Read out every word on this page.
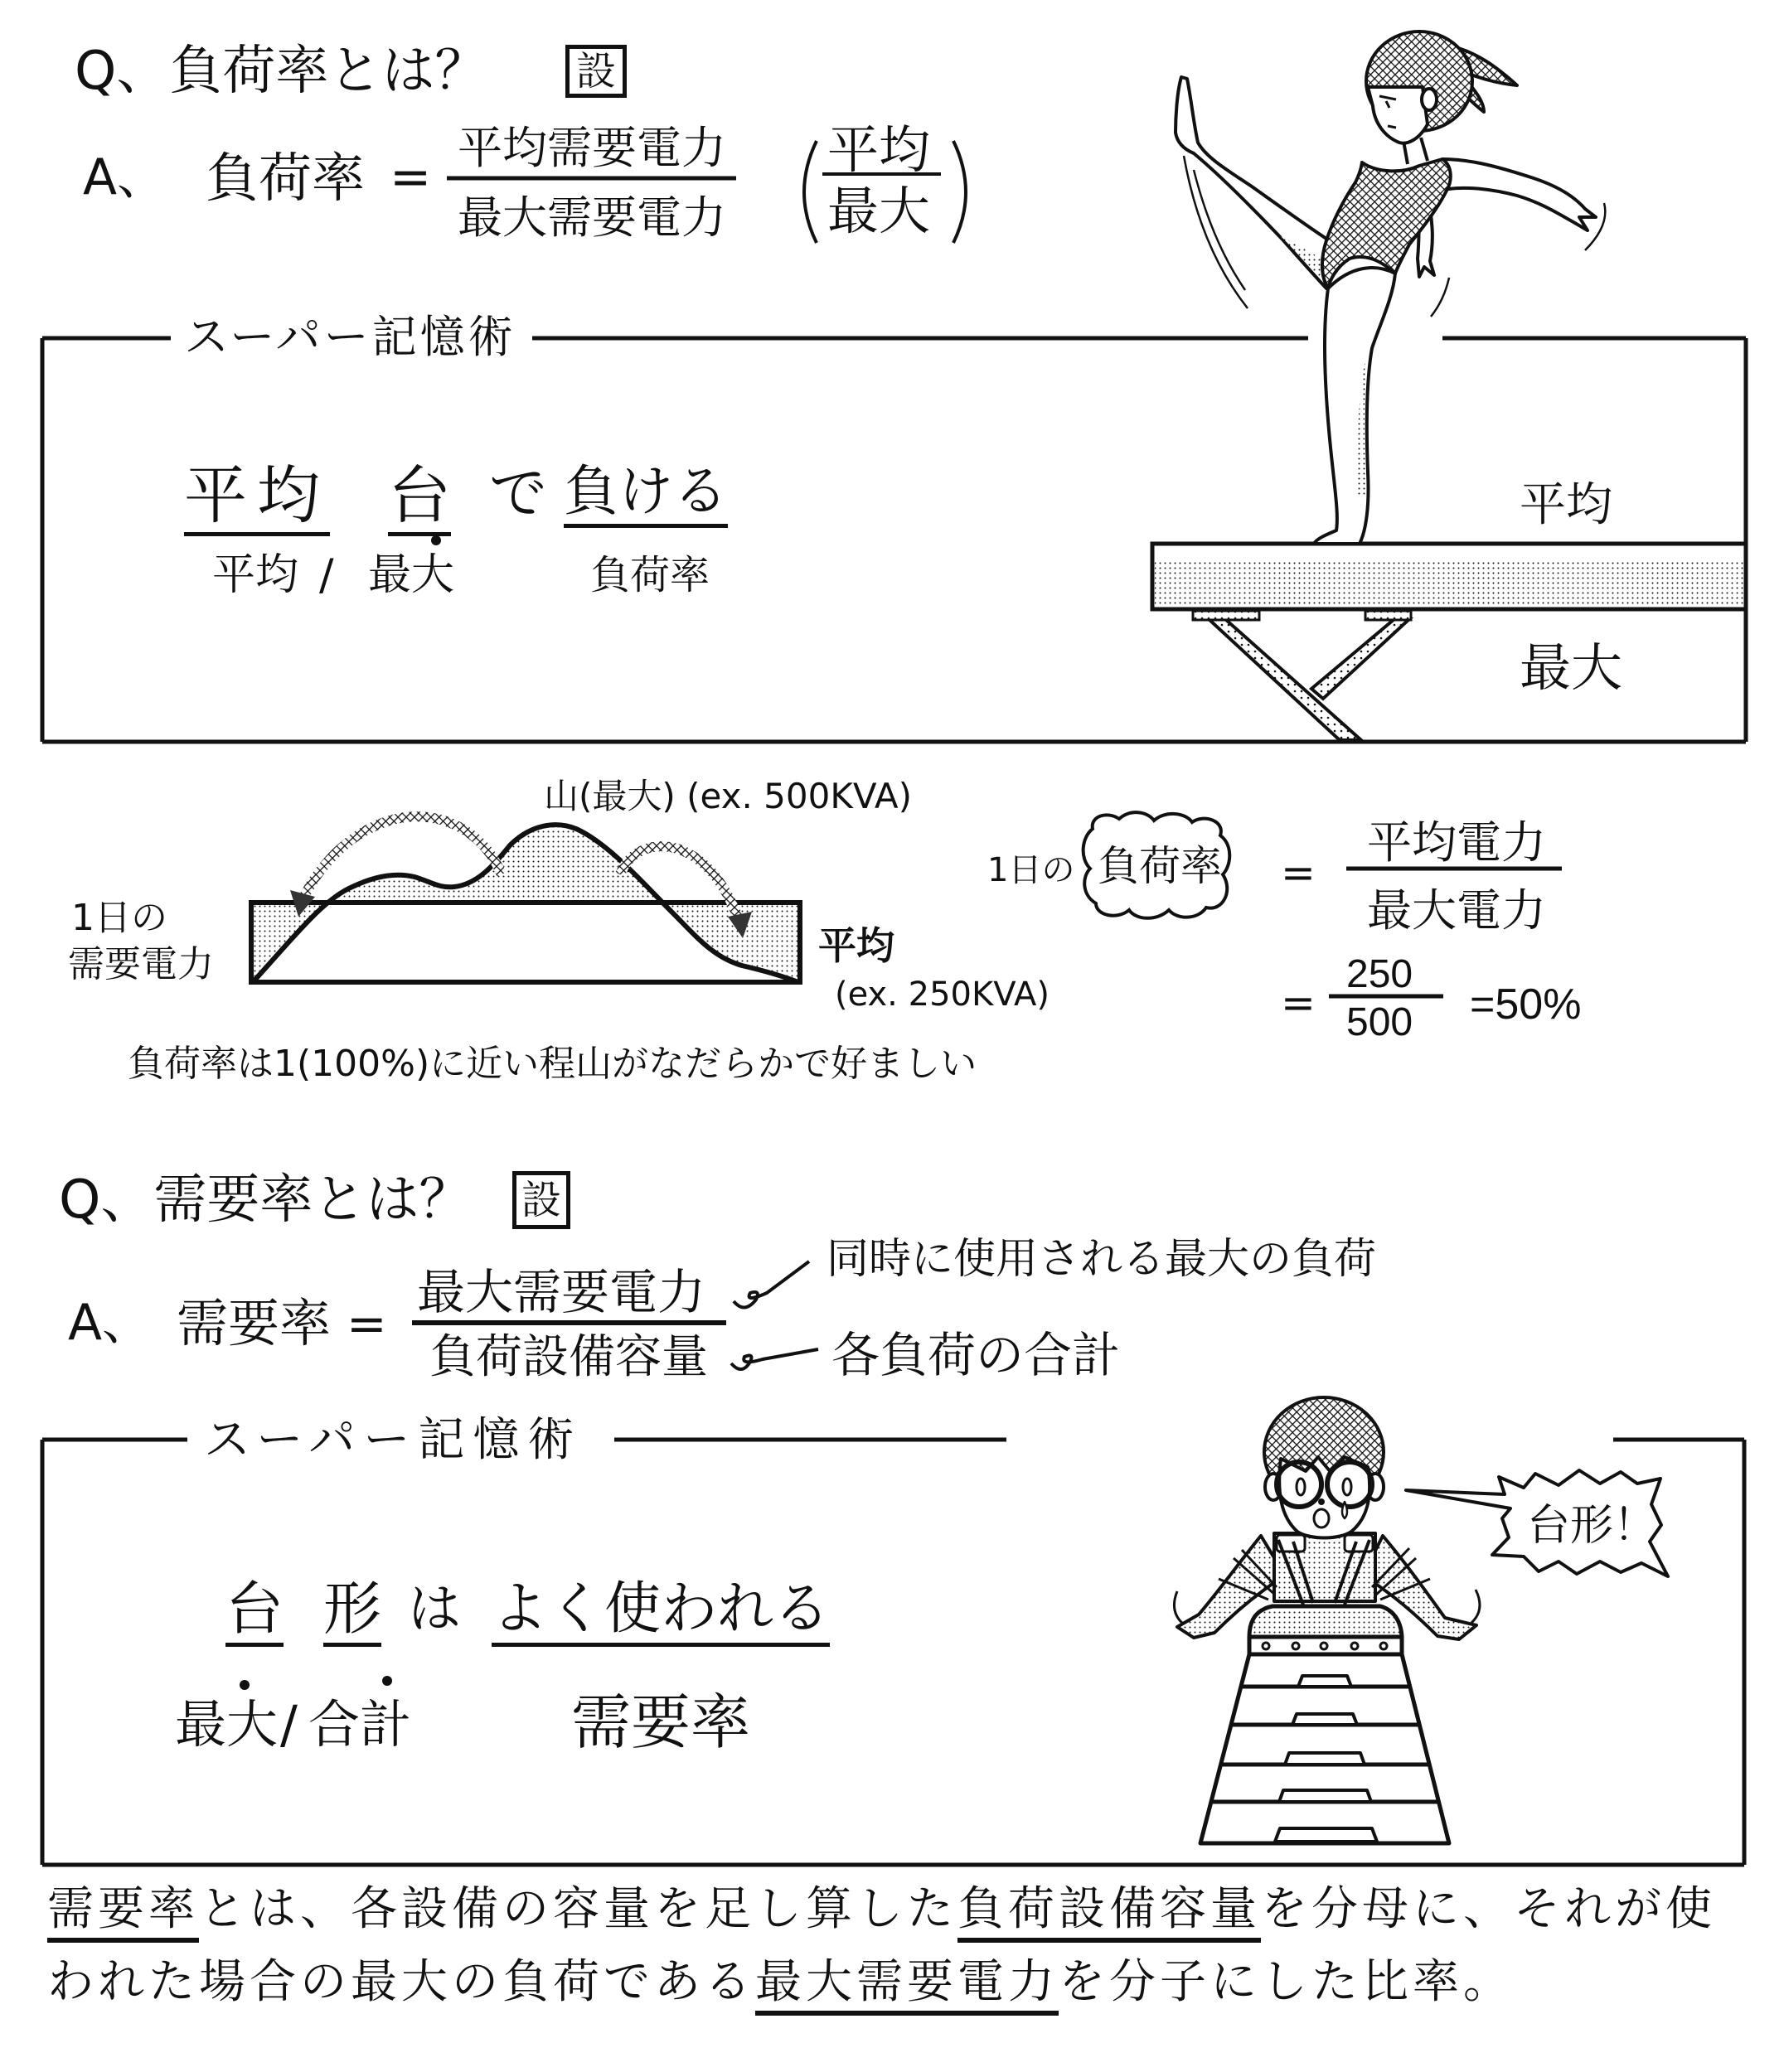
Q、負荷率とは？ 設
A、 負荷率 =
平均需要電力
最大需要電力
平均
最大
スーパー記憶術
平均 台 で 負ける
平均 / 最大	負荷率
平均
最大
山(最大) (ex. 500KVA)
1日の
需要電力	平均
(ex. 250KVA)
負荷率は1(100%)に近い程山がなだらかで好ましい
1日の 負荷率 =
平均電力
最大電力
=
250
500 =50%
Q、需要率とは？ 設
A、 需要率 =
最大需要電力
負荷設備容量
同時に使用される最大の負荷
各負荷の合計
スーパー記憶術
台 形 は よく使われる
最大 / 合計	需要率
台形！
需要率とは、各設備の容量を足し算した負荷設備容量を分母に、それが使
われた場合の最大の負荷である最大需要電力を分子にした比率。
